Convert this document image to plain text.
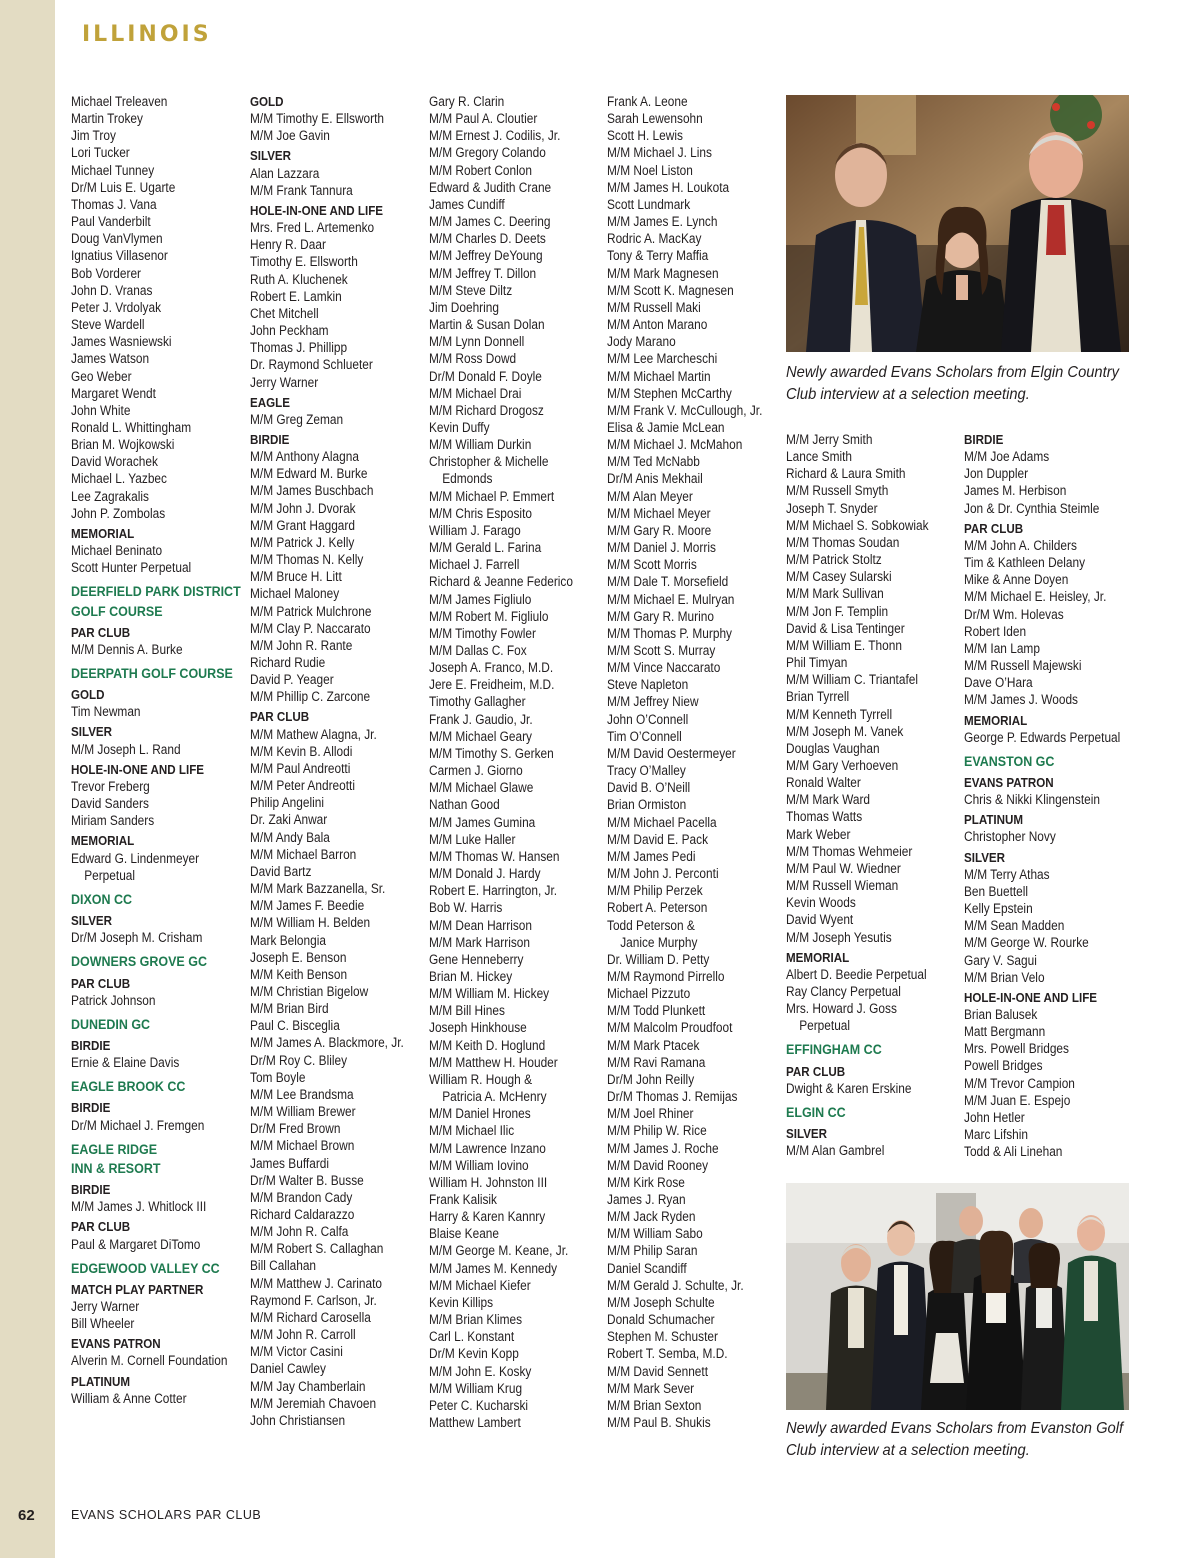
ILLINOIS
Michael Treleaven
Martin Trokey
Jim Troy
Lori Tucker
Michael Tunney
Dr/M Luis E. Ugarte
Thomas J. Vana
Paul Vanderbilt
Doug VanVlymen
Ignatius Villasenor
Bob Vorderer
John D. Vranas
Peter J. Vrdolyak
Steve Wardell
James Wasniewski
James Watson
Geo Weber
Margaret Wendt
John White
Ronald L. Whittingham
Brian M. Wojkowski
David Worachek
Michael L. Yazbec
Lee Zagrakalis
John P. Zombolas
MEMORIAL
Michael Beninato
Scott Hunter Perpetual
DEERFIELD PARK DISTRICT
GOLF COURSE
PAR CLUB
M/M Dennis A. Burke
DEERPATH GOLF COURSE
GOLD
Tim Newman
SILVER
M/M Joseph L. Rand
HOLE-IN-ONE AND LIFE
Trevor Freberg
David Sanders
Miriam Sanders
MEMORIAL
Edward G. Lindenmeyer
Perpetual
DIXON CC
SILVER
Dr/M Joseph M. Crisham
DOWNERS GROVE GC
PAR CLUB
Patrick Johnson
DUNEDIN GC
BIRDIE
Ernie & Elaine Davis
EAGLE BROOK CC
BIRDIE
Dr/M Michael J. Fremgen
EAGLE RIDGE
INN & RESORT
BIRDIE
M/M James J. Whitlock III
PAR CLUB
Paul & Margaret DiTomo
EDGEWOOD VALLEY CC
MATCH PLAY PARTNER
Jerry Warner
Bill Wheeler
EVANS PATRON
Alverin M. Cornell Foundation
PLATINUM
William & Anne Cotter
GOLD
M/M Timothy E. Ellsworth
M/M Joe Gavin
SILVER
Alan Lazzara
M/M Frank Tannura
HOLE-IN-ONE AND LIFE
Mrs. Fred L. Artemenko
Henry R. Daar
Timothy E. Ellsworth
Ruth A. Kluchenek
Robert E. Lamkin
Chet Mitchell
John Peckham
Thomas J. Phillipp
Dr. Raymond Schlueter
Jerry Warner
EAGLE
M/M Greg Zeman
BIRDIE
M/M Anthony Alagna
M/M Edward M. Burke
M/M James Buschbach
M/M John J. Dvorak
M/M Grant Haggard
M/M Patrick J. Kelly
M/M Thomas N. Kelly
M/M Bruce H. Litt
Michael Maloney
M/M Patrick Mulchrone
M/M Clay P. Naccarato
M/M John R. Rante
Richard Rudie
David P. Yeager
M/M Phillip C. Zarcone
PAR CLUB
M/M Mathew Alagna, Jr.
M/M Kevin B. Allodi
M/M Paul Andreotti
M/M Peter Andreotti
Philip Angelini
Dr. Zaki Anwar
M/M Andy Bala
M/M Michael Barron
David Bartz
M/M Mark Bazzanella, Sr.
M/M James F. Beedie
M/M William H. Belden
Mark Belongia
Joseph E. Benson
M/M Keith Benson
M/M Christian Bigelow
M/M Brian Bird
Paul C. Bisceglia
M/M James A. Blackmore, Jr.
Dr/M Roy C. Bliley
Tom Boyle
M/M Lee Brandsma
M/M William Brewer
Dr/M Fred Brown
M/M Michael Brown
James Buffardi
Dr/M Walter B. Busse
M/M Brandon Cady
Richard Caldarazzo
M/M John R. Calfa
M/M Robert S. Callaghan
Bill Callahan
M/M Matthew J. Carinato
Raymond F. Carlson, Jr.
M/M Richard Carosella
M/M John R. Carroll
M/M Victor Casini
Daniel Cawley
M/M Jay Chamberlain
M/M Jeremiah Chavoen
John Christiansen
Gary R. Clarin
M/M Paul A. Cloutier
M/M Ernest J. Codilis, Jr.
M/M Gregory Colando
M/M Robert Conlon
Edward & Judith Crane
James Cundiff
M/M James C. Deering
M/M Charles D. Deets
M/M Jeffrey DeYoung
M/M Jeffrey T. Dillon
M/M Steve Diltz
Jim Doehring
Martin & Susan Dolan
M/M Lynn Donnell
M/M Ross Dowd
Dr/M Donald F. Doyle
M/M Michael Drai
M/M Richard Drogosz
Kevin Duffy
M/M William Durkin
Christopher & Michelle
Edmonds
M/M Michael P. Emmert
M/M Chris Esposito
William J. Farago
M/M Gerald L. Farina
Michael J. Farrell
Richard & Jeanne Federico
M/M James Figliulo
M/M Robert M. Figliulo
M/M Timothy Fowler
M/M Dallas C. Fox
Joseph A. Franco, M.D.
Jere E. Freidheim, M.D.
Timothy Gallagher
Frank J. Gaudio, Jr.
M/M Michael Geary
M/M Timothy S. Gerken
Carmen J. Giorno
M/M Michael Glawe
Nathan Good
M/M James Gumina
M/M Luke Haller
M/M Thomas W. Hansen
M/M Donald J. Hardy
Robert E. Harrington, Jr.
Bob W. Harris
M/M Dean Harrison
M/M Mark Harrison
Gene Henneberry
Brian M. Hickey
M/M William M. Hickey
M/M Bill Hines
Joseph Hinkhouse
M/M Keith D. Hoglund
M/M Matthew H. Houder
William R. Hough &
Patricia A. McHenry
M/M Daniel Hrones
M/M Michael Ilic
M/M Lawrence Inzano
M/M William Iovino
William H. Johnston III
Frank Kalisik
Harry & Karen Kannry
Blaise Keane
M/M George M. Keane, Jr.
M/M James M. Kennedy
M/M Michael Kiefer
Kevin Killips
M/M Brian Klimes
Carl L. Konstant
Dr/M Kevin Kopp
M/M John E. Kosky
M/M William Krug
Peter C. Kucharski
Matthew Lambert
Frank A. Leone
Sarah Lewensohn
Scott H. Lewis
M/M Michael J. Lins
M/M Noel Liston
M/M James H. Loukota
Scott Lundmark
M/M James E. Lynch
Rodric A. MacKay
Tony & Terry Maffia
M/M Mark Magnesen
M/M Scott K. Magnesen
M/M Russell Maki
M/M Anton Marano
Jody Marano
M/M Lee Marcheschi
M/M Michael Martin
M/M Stephen McCarthy
M/M Frank V. McCullough, Jr.
Elisa & Jamie McLean
M/M Michael J. McMahon
M/M Ted McNabb
Dr/M Anis Mekhail
M/M Alan Meyer
M/M Michael Meyer
M/M Gary R. Moore
M/M Daniel J. Morris
M/M Scott Morris
M/M Dale T. Morsefield
M/M Michael E. Mulryan
M/M Gary R. Murino
M/M Thomas P. Murphy
M/M Scott S. Murray
M/M Vince Naccarato
Steve Napleton
M/M Jeffrey Niew
John O’Connell
Tim O’Connell
M/M David Oestermeyer
Tracy O’Malley
David B. O’Neill
Brian Ormiston
M/M Michael Pacella
M/M David E. Pack
M/M James Pedi
M/M John J. Perconti
M/M Philip Perzek
Robert A. Peterson
Todd Peterson &
Janice Murphy
Dr. William D. Petty
M/M Raymond Pirrello
Michael Pizzuto
M/M Todd Plunkett
M/M Malcolm Proudfoot
M/M Mark Ptacek
M/M Ravi Ramana
Dr/M John Reilly
Dr/M Thomas J. Remijas
M/M Joel Rhiner
M/M Philip W. Rice
M/M James J. Roche
M/M David Rooney
M/M Kirk Rose
James J. Ryan
M/M Jack Ryden
M/M William Sabo
M/M Philip Saran
Daniel Scandiff
M/M Gerald J. Schulte, Jr.
M/M Joseph Schulte
Donald Schumacher
Stephen M. Schuster
Robert T. Semba, M.D.
M/M David Sennett
M/M Mark Sever
M/M Brian Sexton
M/M Paul B. Shukis
M/M Jerry Smith
Lance Smith
Richard & Laura Smith
M/M Russell Smyth
Joseph T. Snyder
M/M Michael S. Sobkowiak
M/M Thomas Soudan
M/M Patrick Stoltz
M/M Casey Sularski
M/M Mark Sullivan
M/M Jon F. Templin
David & Lisa Tentinger
M/M William E. Thonn
Phil Timyan
M/M William C. Triantafel
Brian Tyrrell
M/M Kenneth Tyrrell
M/M Joseph M. Vanek
Douglas Vaughan
M/M Gary Verhoeven
Ronald Walter
M/M Mark Ward
Thomas Watts
Mark Weber
M/M Thomas Wehmeier
M/M Paul W. Wiedner
M/M Russell Wieman
Kevin Woods
David Wyent
M/M Joseph Yesutis
MEMORIAL
Albert D. Beedie Perpetual
Ray Clancy Perpetual
Mrs. Howard J. Goss
Perpetual
EFFINGHAM CC
PAR CLUB
Dwight & Karen Erskine
ELGIN CC
SILVER
M/M Alan Gambrel
BIRDIE
M/M Joe Adams
Jon Duppler
James M. Herbison
Jon & Dr. Cynthia Steimle
PAR CLUB
M/M John A. Childers
Tim & Kathleen Delany
Mike & Anne Doyen
M/M Michael E. Heisley, Jr.
Dr/M Wm. Holevas
Robert Iden
M/M Ian Lamp
M/M Russell Majewski
Dave O’Hara
M/M James J. Woods
MEMORIAL
George P. Edwards Perpetual
EVANSTON GC
EVANS PATRON
Chris & Nikki Klingenstein
PLATINUM
Christopher Novy
SILVER
M/M Terry Athas
Ben Buettell
Kelly Epstein
M/M Sean Madden
M/M George W. Rourke
Gary V. Sagui
M/M Brian Velo
HOLE-IN-ONE AND LIFE
Brian Balusek
Matt Bergmann
Mrs. Powell Bridges
Powell Bridges
M/M Trevor Campion
M/M Juan E. Espejo
John Hetler
Marc Lifshin
Todd & Ali Linehan
Newly awarded Evans Scholars from Elgin Country Club interview at a selection meeting.
Newly awarded Evans Scholars from Evanston Golf Club interview at a selection meeting.
62	EVANS SCHOLARS PAR CLUB
